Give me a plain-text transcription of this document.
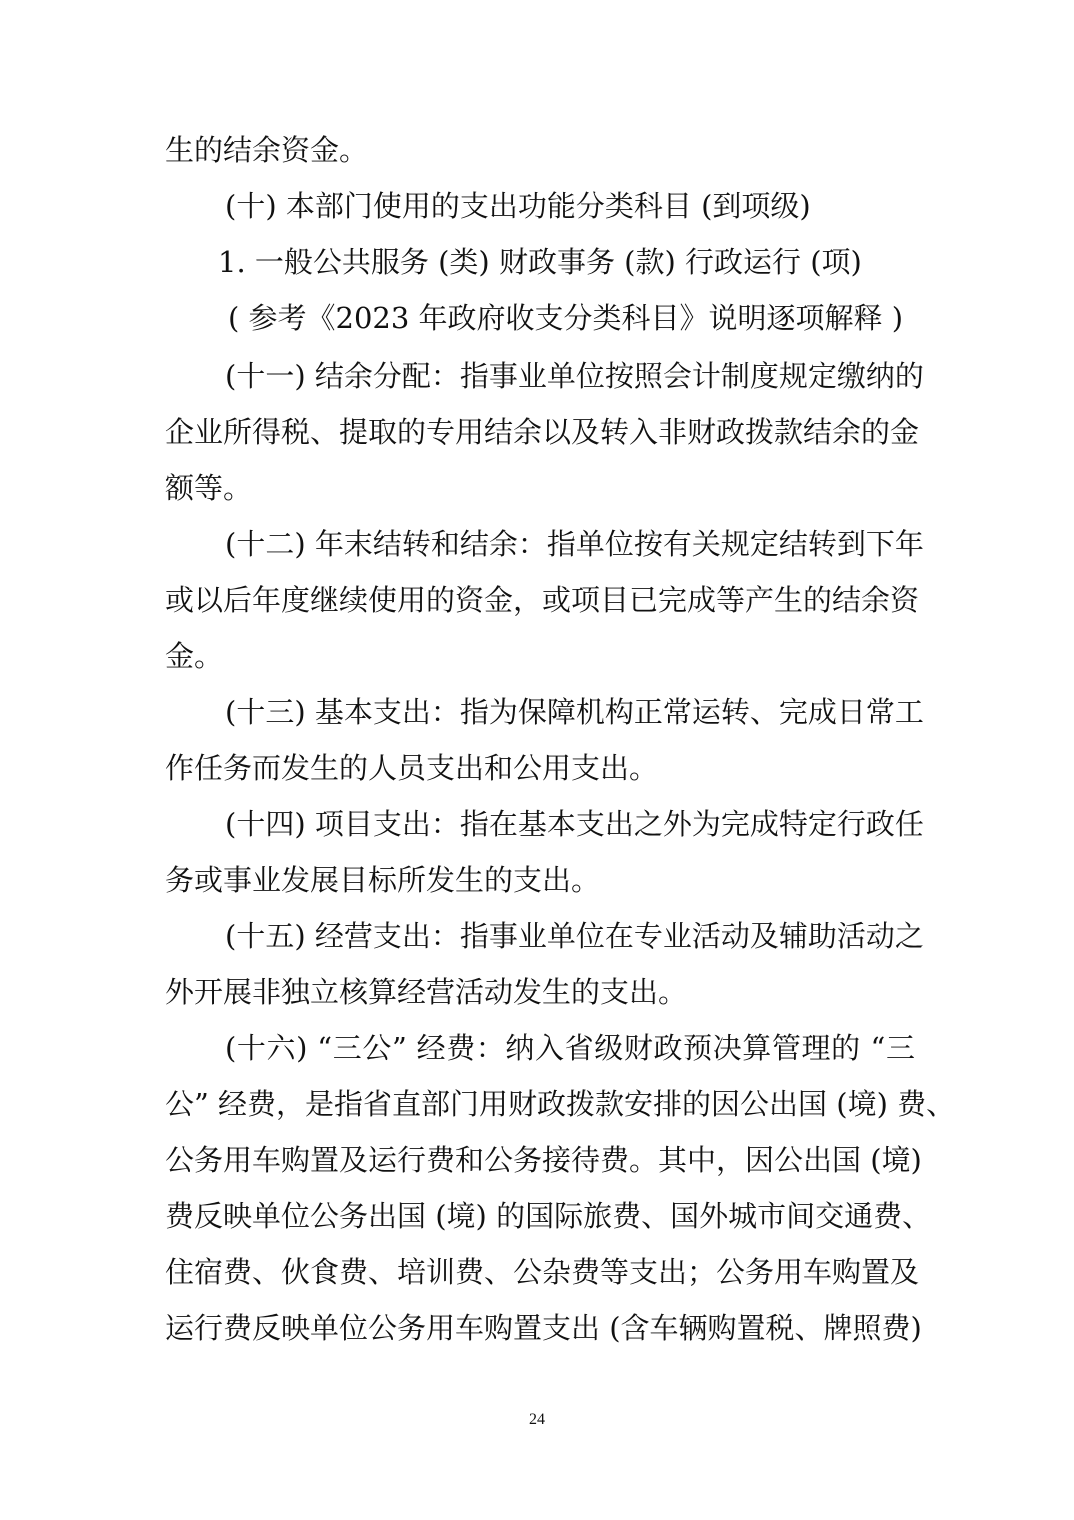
生的结余资金。
(十) 本部门使用的支出功能分类科目 (到项级)
1. 一般公共服务 (类) 财政事务 (款) 行政运行 (项)
( 参考《2023 年政府收支分类科目》说明逐项解释 )
(十一) 结余分配：指事业单位按照会计制度规定缴纳的
企业所得税、提取的专用结余以及转入非财政拨款结余的金
额等。
(十二) 年末结转和结余：指单位按有关规定结转到下年
或以后年度继续使用的资金，或项目已完成等产生的结余资
金。
(十三) 基本支出：指为保障机构正常运转、完成日常工
作任务而发生的人员支出和公用支出。
(十四) 项目支出：指在基本支出之外为完成特定行政任
务或事业发展目标所发生的支出。
(十五) 经营支出：指事业单位在专业活动及辅助活动之
外开展非独立核算经营活动发生的支出。
(十六) “三公” 经费：纳入省级财政预决算管理的 “三
公” 经费，是指省直部门用财政拨款安排的因公出国 (境) 费、
公务用车购置及运行费和公务接待费。其中，因公出国 (境)
费反映单位公务出国 (境) 的国际旅费、国外城市间交通费、
住宿费、伙食费、培训费、公杂费等支出；公务用车购置及
运行费反映单位公务用车购置支出 (含车辆购置税、牌照费)
24
